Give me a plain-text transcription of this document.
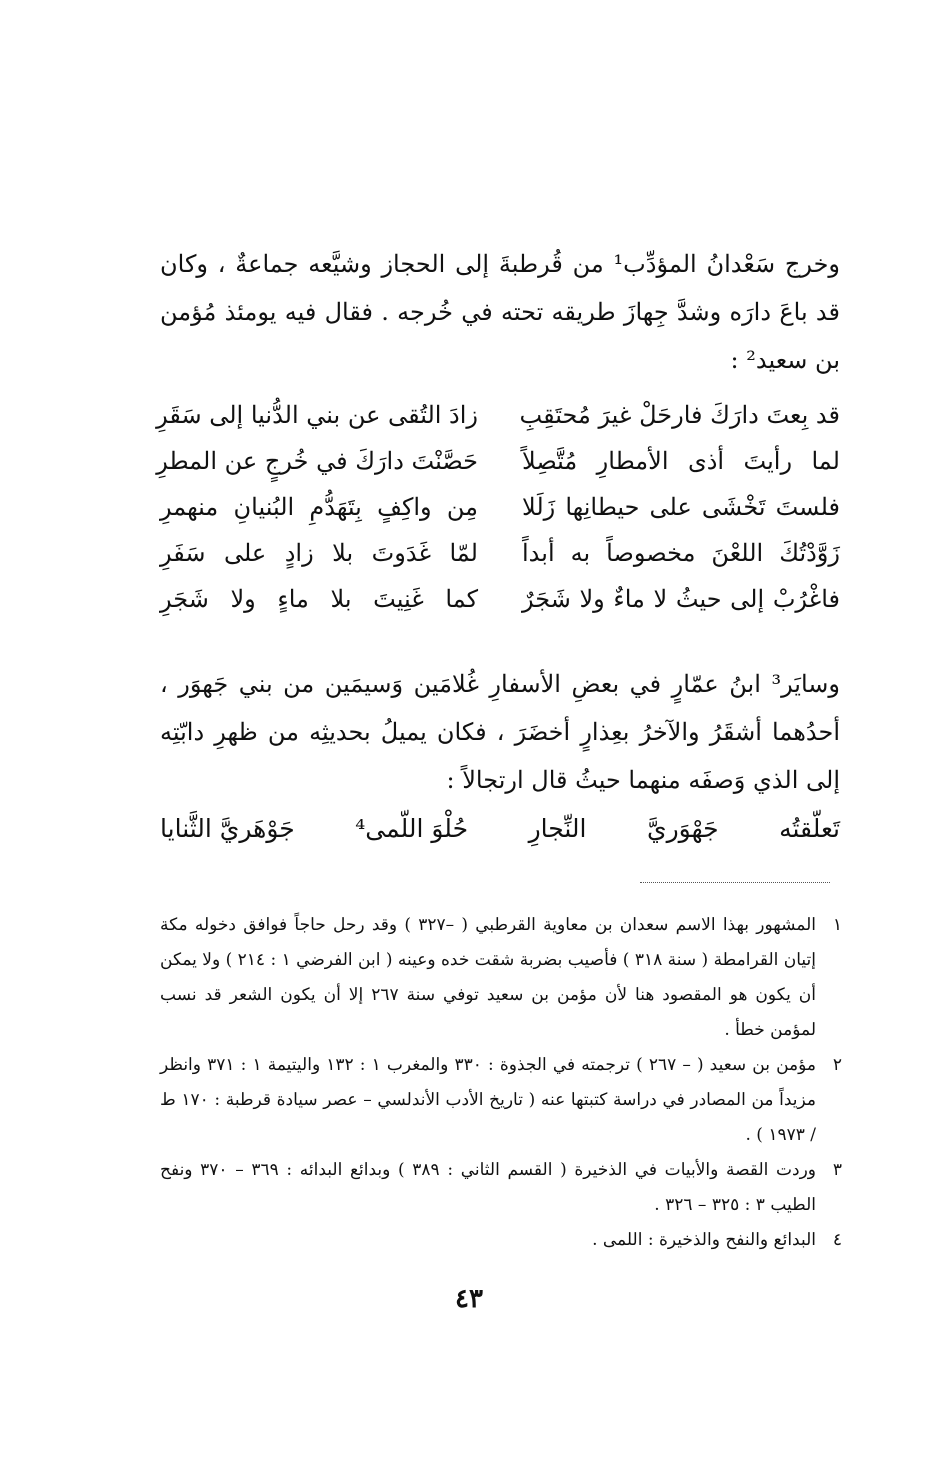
وخرج سَعْدانُ المؤدِّب¹ من قُرطبةَ إلى الحجاز وشيَّعه جماعةٌ ، وكان قد باعَ دارَه وشدَّ جِهازَ طريقه تحته في خُرجه . فقال فيه يومئذ مُؤمن بن سعيد² :

قد بِعتَ دارَكَ فارحَلْ غيرَ مُحتَقِبِ
زادَ التُقى عن بني الدُّنيا إلى سَقَرِ
لما رأيتَ أذى الأمطارِ مُتَّصِلاً
حَصَّنْتَ دارَكَ في خُرجٍ عن المطرِ
فلستَ تَخْشَى على حيطانِها زَلَلا
مِن واكِفٍ بِتَهَدُّمِ البُنيانِ منهمرِ
زَوَّدْتُكَ اللعْنَ مخصوصاً به أبداً
لمّا غَدَوتَ بلا زادٍ على سَفَرِ
فاغْرُبْ إلى حيثُ لا ماءٌ ولا شَجَرٌ
كما غَنِيتَ بلا ماءٍ ولا شَجَرِ

وسايَر³ ابنُ عمّارٍ في بعضِ الأسفارِ غُلامَين وَسيمَين من بني جَهوَر ، أحدُهما أشقَرُ والآخرُ بعِذارٍ أخضَرَ ، فكان يميلُ بحديثِه من ظهرِ دابّتِه إلى الذي وَصفَه منهما حيثُ قال ارتجالاً :

تَعلّقتُه
جَهْوَريَّ
النِّجارِ
حُلْوَ اللّمى⁴
جَوْهَريَّ الثَّنايا
١
المشهور بهذا الاسم سعدان بن معاوية القرطبي ( –٣٢٧ ) وقد رحل حاجاً فوافق دخوله مكة إتيان القرامطة ( سنة ٣١٨ ) فأصيب بضربة شقت خده وعينه ( ابن الفرضي ١ : ٢١٤ ) ولا يمكن أن يكون هو المقصود هنا لأن مؤمن بن سعيد توفي سنة ٢٦٧ إلا أن يكون الشعر قد نسب لمؤمن خطأ .
٢
مؤمن بن سعيد ( – ٢٦٧ ) ترجمته في الجذوة : ٣٣٠ والمغرب ١ : ١٣٢ واليتيمة ١ : ٣٧١ وانظر مزيداً من المصادر في دراسة كتبتها عنه ( تاريخ الأدب الأندلسي – عصر سيادة قرطبة : ١٧٠ ط / ١٩٧٣ ) .
٣
وردت القصة والأبيات في الذخيرة ( القسم الثاني : ٣٨٩ ) وبدائع البدائه : ٣٦٩ – ٣٧٠ ونفح الطيب ٣ : ٣٢٥ – ٣٢٦ .
٤
البدائع والنفح والذخيرة : اللمى .
٤٣
